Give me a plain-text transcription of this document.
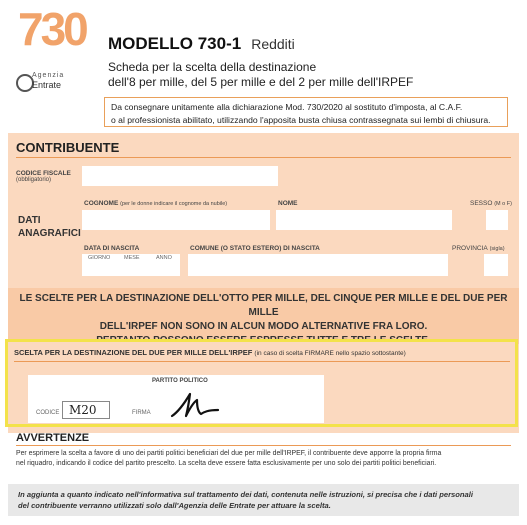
730
Agenzia
Entrate
MODELLO 730-1 Redditi
Scheda per la scelta della destinazione
dell'8 per mille, del 5 per mille e del 2 per mille dell'IRPEF
Da consegnare unitamente alla dichiarazione Mod. 730/2020 al sostituto d'imposta, al C.A.F.
o al professionista abilitato, utilizzando l'apposita busta chiusa contrassegnata sui lembi di chiusura.
CONTRIBUENTE
CODICE FISCALE
(obbligatorio)
COGNOME (per le donne indicare il cognome da nubile)	NOME	SESSO (M o F)
DATI
ANAGRAFICI
DATA DI NASCITA
GIORNO MESE	ANNO
COMUNE (O STATO ESTERO) DI NASCITA	PROVINCIA (sigla)
LE SCELTE PER LA DESTINAZIONE DELL'OTTO PER MILLE, DEL CINQUE PER MILLE E DEL DUE PER MILLE
DELL'IRPEF NON SONO IN ALCUN MODO ALTERNATIVE FRA LORO.
SCELTA PER LA DESTINAZIONE DEL DUE PER MILLE DELL'IRPEF (in caso di scelta FIRMARE nello spazio sottostante)
PARTITO POLITICO
CODICE M20	FIRMA
AVVERTENZE
Per esprimere la scelta a favore di uno dei partiti politici beneficiari del due per mille dell'IRPEF, il contribuente deve apporre la propria firma
nel riquadro, indicando il codice del partito prescelto. La scelta deve essere fatta esclusivamente per uno solo dei partiti politici beneficiari.
In aggiunta a quanto indicato nell'informativa sul trattamento dei dati, contenuta nelle istruzioni, si precisa che i dati personali
del contribuente verranno utilizzati solo dall'Agenzia delle Entrate per attuare la scelta.
